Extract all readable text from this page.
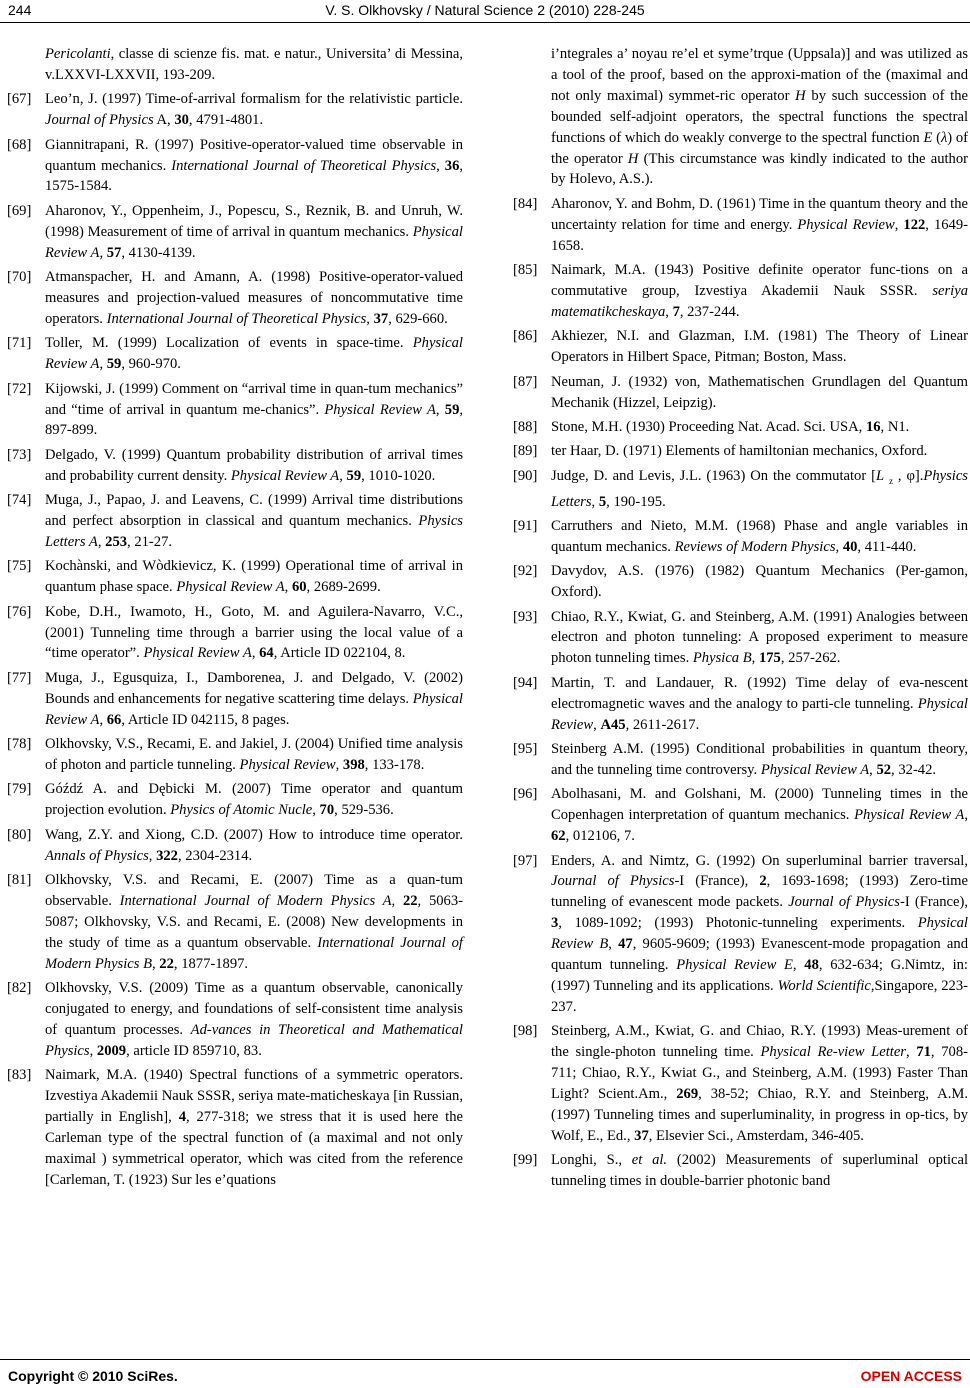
244	V. S. Olkhovsky / Natural Science 2 (2010) 228-245
Pericolanti, classe di scienze fis. mat. e natur., Universita’ di Messina, v.LXXVI-LXXVII, 193-209.
[67] Leo’n, J. (1997) Time-of-arrival formalism for the relativistic particle. Journal of Physics A, 30, 4791-4801.
[68] Giannitrapani, R. (1997) Positive-operator-valued time observable in quantum mechanics. International Journal of Theoretical Physics, 36, 1575-1584.
[69] Aharonov, Y., Oppenheim, J., Popescu, S., Reznik, B. and Unruh, W. (1998) Measurement of time of arrival in quantum mechanics. Physical Review A, 57, 4130-4139.
[70] Atmanspacher, H. and Amann, A. (1998) Positive-operator-valued measures and projection-valued measures of noncommutative time operators. International Journal of Theoretical Physics, 37, 629-660.
[71] Toller, M. (1999) Localization of events in space-time. Physical Review A, 59, 960-970.
[72] Kijowski, J. (1999) Comment on “arrival time in quan-tum mechanics” and “time of arrival in quantum me-chanics”. Physical Review A, 59, 897-899.
[73] Delgado, V. (1999) Quantum probability distribution of arrival times and probability current density. Physical Review A, 59, 1010-1020.
[74] Muga, J., Papao, J. and Leavens, C. (1999) Arrival time distributions and perfect absorption in classical and quantum mechanics. Physics Letters A, 253, 21-27.
[75] Kochànski, and Wòdkievicz, K. (1999) Operational time of arrival in quantum phase space. Physical Review A, 60, 2689-2699.
[76] Kobe, D.H., Iwamoto, H., Goto, M. and Aguilera-Navarro, V.C., (2001) Tunneling time through a barrier using the local value of a “time operator”. Physical Review A, 64, Article ID 022104, 8.
[77] Muga, J., Egusquiza, I., Damborenea, J. and Delgado, V. (2002) Bounds and enhancements for negative scattering time delays. Physical Review A, 66, Article ID 042115, 8 pages.
[78] Olkhovsky, V.S., Recami, E. and Jakiel, J. (2004) Unified time analysis of photon and particle tunneling. Physical Review, 398, 133-178.
[79] Góźdź A. and Dębicki M. (2007) Time operator and quantum projection evolution. Physics of Atomic Nucle, 70, 529-536.
[80] Wang, Z.Y. and Xiong, C.D. (2007) How to introduce time operator. Annals of Physics, 322, 2304-2314.
[81] Olkhovsky, V.S. and Recami, E. (2007) Time as a quan-tum observable. International Journal of Modern Physics A, 22, 5063-5087; Olkhovsky, V.S. and Recami, E. (2008) New developments in the study of time as a quantum observable. International Journal of Modern Physics B, 22, 1877-1897.
[82] Olkhovsky, V.S. (2009) Time as a quantum observable, canonically conjugated to energy, and foundations of self-consistent time analysis of quantum processes. Ad-vances in Theoretical and Mathematical Physics, 2009, article ID 859710, 83.
[83] Naimark, M.A. (1940) Spectral functions of a symmetric operators. Izvestiya Akademii Nauk SSSR, seriya mate-maticheskaya [in Russian, partially in English], 4, 277-318; we stress that it is used here the Carleman type of the spectral function of (a maximal and not only maximal ) symmetrical operator, which was cited from the reference [Carleman, T. (1923) Sur les e’quations
i’ntegrales a’ noyau re’el et syme’trque (Uppsala)] and was utilized as a tool of the proof, based on the approxi-mation of the (maximal and not only maximal) symmet-ric operator H by such succession of the bounded self-adjoint operators, the spectral functions the spectral functions of which do weakly converge to the spectral function E (λ) of the operator H (This circumstance was kindly indicated to the author by Holevo, A.S.).
[84] Aharonov, Y. and Bohm, D. (1961) Time in the quantum theory and the uncertainty relation for time and energy. Physical Review, 122, 1649-1658.
[85] Naimark, M.A. (1943) Positive definite operator func-tions on a commutative group, Izvestiya Akademii Nauk SSSR. seriya matematikcheskaya, 7, 237-244.
[86] Akhiezer, N.I. and Glazman, I.M. (1981) The Theory of Linear Operators in Hilbert Space, Pitman; Boston, Mass.
[87] Neuman, J. (1932) von, Mathematischen Grundlagen del Quantum Mechanik (Hizzel, Leipzig).
[88] Stone, M.H. (1930) Proceeding Nat. Acad. Sci. USA, 16, N1.
[89] ter Haar, D. (1971) Elements of hamiltonian mechanics, Oxford.
[90] Judge, D. and Levis, J.L. (1963) On the commutator [L $_z$ , φ].Physics Letters, 5, 190-195.
[91] Carruthers and Nieto, M.M. (1968) Phase and angle variables in quantum mechanics. Reviews of Modern Physics, 40, 411-440.
[92] Davydov, A.S. (1976) (1982) Quantum Mechanics (Per-gamon, Oxford).
[93] Chiao, R.Y., Kwiat, G. and Steinberg, A.M. (1991) Analogies between electron and photon tunneling: A proposed experiment to measure photon tunneling times. Physica B, 175, 257-262.
[94] Martin, T. and Landauer, R. (1992) Time delay of eva-nescent electromagnetic waves and the analogy to parti-cle tunneling. Physical Review, A45, 2611-2617.
[95] Steinberg A.M. (1995) Conditional probabilities in quantum theory, and the tunneling time controversy. Physical Review A, 52, 32-42.
[96] Abolhasani, M. and Golshani, M. (2000) Tunneling times in the Copenhagen interpretation of quantum mechanics. Physical Review A, 62, 012106, 7.
[97] Enders, A. and Nimtz, G. (1992) On superluminal barrier traversal, Journal of Physics-I (France), 2, 1693-1698; (1993) Zero-time tunneling of evanescent mode packets. Journal of Physics-I (France), 3, 1089-1092; (1993) Photonic-tunneling experiments. Physical Review B, 47, 9605-9609; (1993) Evanescent-mode propagation and quantum tunneling. Physical Review E, 48, 632-634; G.Nimtz, in: (1997) Tunneling and its applications. World Scientific,Singapore, 223-237.
[98] Steinberg, A.M., Kwiat, G. and Chiao, R.Y. (1993) Meas-urement of the single-photon tunneling time. Physical Re-view Letter, 71, 708-711; Chiao, R.Y., Kwiat G., and Steinberg, A.M. (1993) Faster Than Light? Scient.Am., 269, 38-52; Chiao, R.Y. and Steinberg, A.M. (1997) Tunneling times and superluminality, in progress in op-tics, by Wolf, E., Ed., 37, Elsevier Sci., Amsterdam, 346-405.
[99] Longhi, S., et al. (2002) Measurements of superluminal optical tunneling times in double-barrier photonic band
Copyright © 2010 SciRes.	OPEN ACCESS
